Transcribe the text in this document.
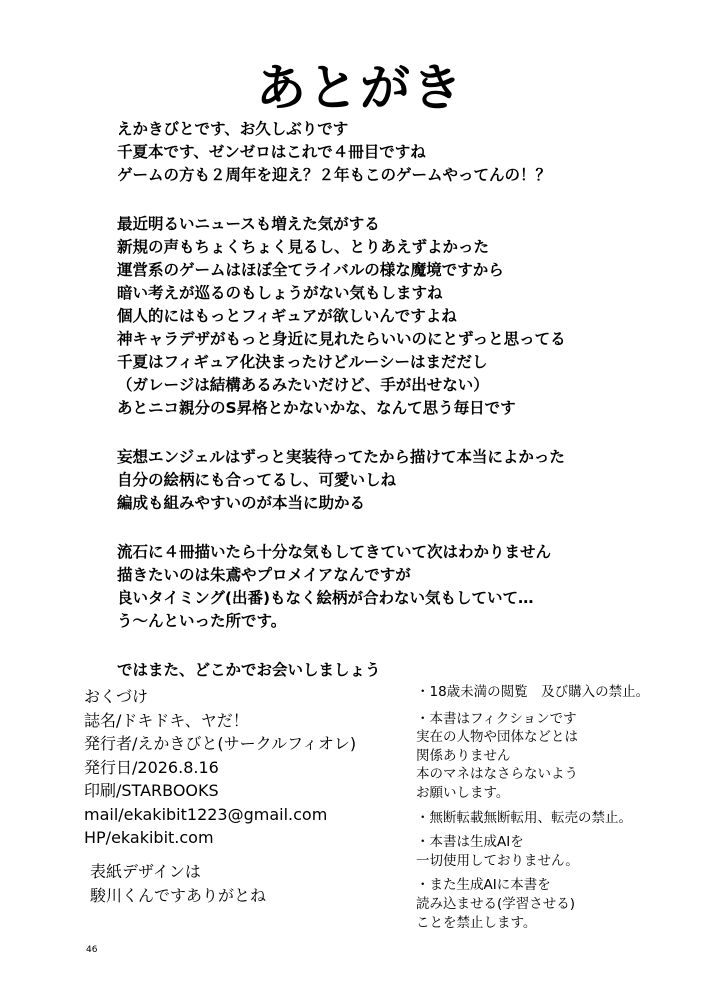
あとがき
えかきびとです、お久しぶりです
千夏本です、ゼンゼロはこれで４冊目ですね
ゲームの方も２周年を迎え？２年もこのゲームやってんの！？
最近明るいニュースも増えた気がする
新規の声もちょくちょく見るし、とりあえずよかった
運営系のゲームはほぼ全てライバルの様な魔境ですから
暗い考えが巡るのもしょうがない気もしますね
個人的にはもっとフィギュアが欲しいんですよね
神キャラデザがもっと身近に見れたらいいのにとずっと思ってる
千夏はフィギュア化決まったけどルーシーはまだだし
（ガレージは結構あるみたいだけど、手が出せない）
あとニコ親分のS昇格とかないかな、なんて思う毎日です
妄想エンジェルはずっと実装待ってたから描けて本当によかった
自分の絵柄にも合ってるし、可愛いしね
編成も組みやすいのが本当に助かる
流石に４冊描いたら十分な気もしてきていて次はわかりません
描きたいのは朱鳶やプロメイアなんですが
良いタイミング(出番)もなく絵柄が合わない気もしていて…
う～んといった所です。
ではまた、どこかでお会いしましょう
おくづけ
誌名/ドキドキ、ヤだ！
発行者/えかきびと(サークルフィオレ)
発行日/2026.8.16
印刷/STARBOOKS
mail/ekakibit1223@gmail.com
HP/ekakibit.com
表紙デザインは
駿川くんですありがとね
・18歳未満の閲覧　及び購入の禁止。
・本書はフィクションです
実在の人物や団体などとは
関係ありません
本のマネはなさらないよう
お願いします。
・無断転載無断転用、転売の禁止。
・本書は生成AIを
一切使用しておりません。
・また生成AIに本書を
読み込ませる(学習させる)
ことを禁止します。
46
